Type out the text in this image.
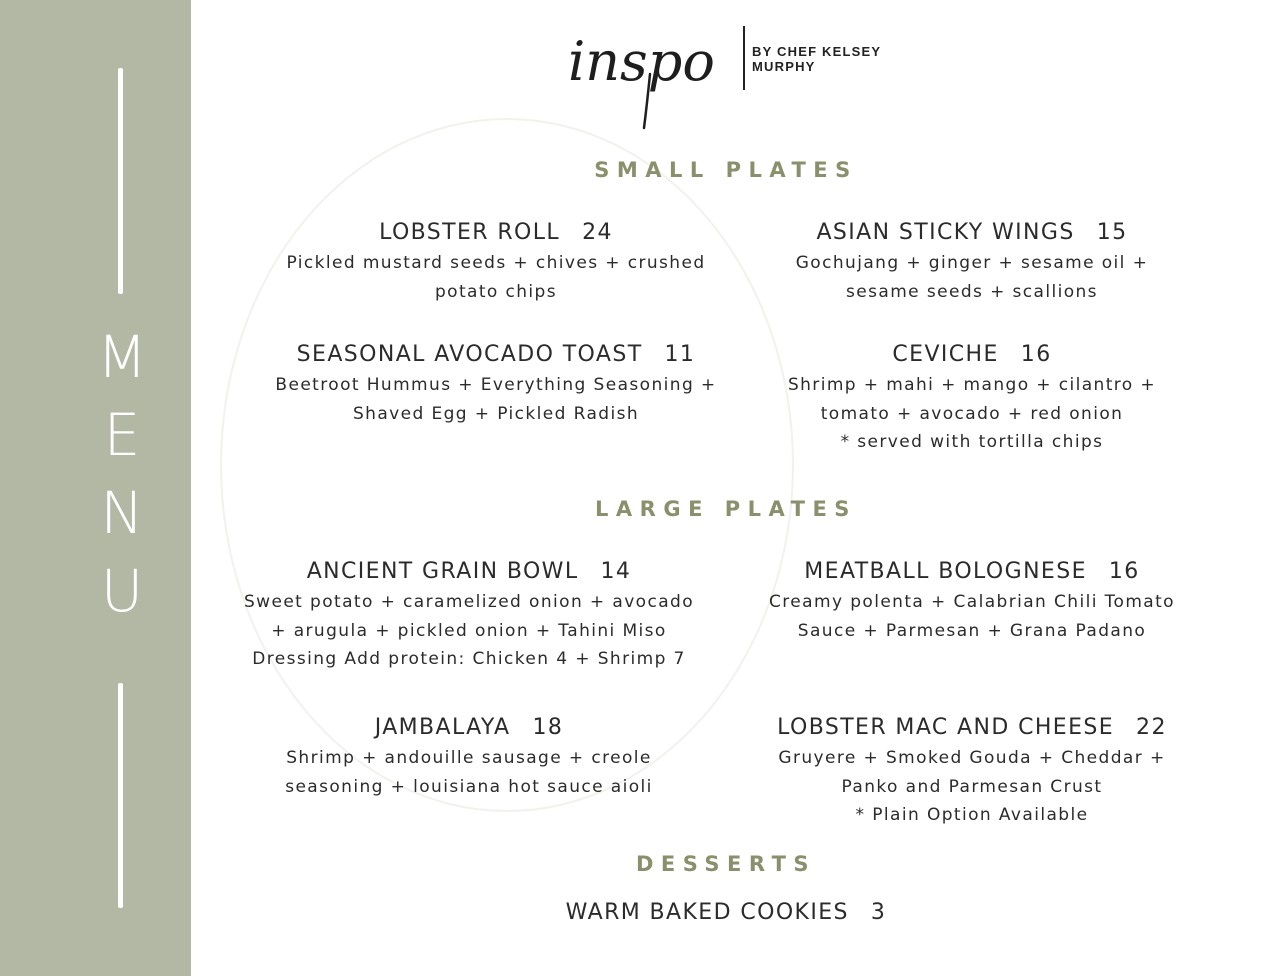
M
E
N
U
inspo	BY CHEF KELSEY
MURPHY
SMALL PLATES
LOBSTER ROLL 24
Pickled mustard seeds + chives + crushed
potato chips
ASIAN STICKY WINGS 15
Gochujang + ginger + sesame oil +
sesame seeds + scallions
SEASONAL AVOCADO TOAST 11
Beetroot Hummus + Everything Seasoning +
Shaved Egg + Pickled Radish
CEVICHE 16
Shrimp + mahi + mango + cilantro +
tomato + avocado + red onion
* served with tortilla chips
LARGE PLATES
ANCIENT GRAIN BOWL 14
Sweet potato + caramelized onion + avocado
+ arugula + pickled onion + Tahini Miso
Dressing Add protein: Chicken 4 + Shrimp 7
MEATBALL BOLOGNESE 16
Creamy polenta + Calabrian Chili Tomato
Sauce + Parmesan + Grana Padano
JAMBALAYA 18
Shrimp + andouille sausage + creole
seasoning + louisiana hot sauce aioli
LOBSTER MAC AND CHEESE 22
Gruyere + Smoked Gouda + Cheddar +
Panko and Parmesan Crust
* Plain Option Available
DESSERTS
WARM BAKED COOKIES 3
